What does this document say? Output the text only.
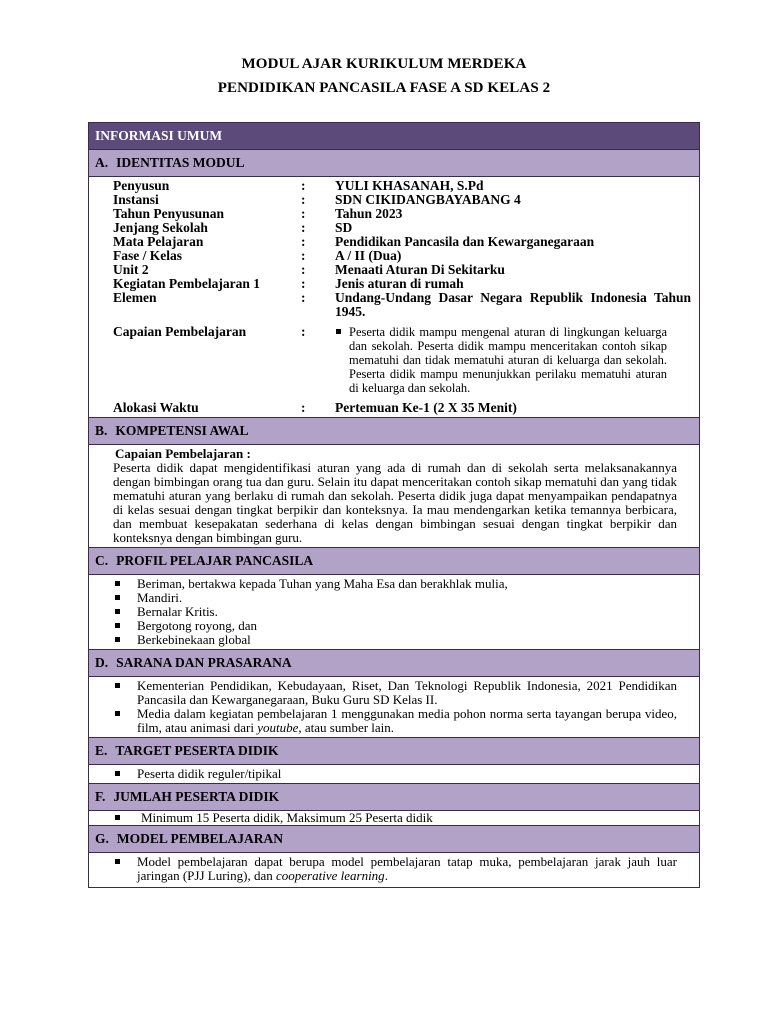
MODUL AJAR KURIKULUM MERDEKA
PENDIDIKAN PANCASILA FASE A SD KELAS 2
INFORMASI UMUM
A. IDENTITAS MODUL
Penyusun	:	YULI KHASANAH, S.Pd
Instansi	:	SDN CIKIDANGBAYABANG 4
Tahun Penyusunan	:	Tahun 2023
Jenjang Sekolah	:	SD
Mata Pelajaran	:	Pendidikan Pancasila dan Kewarganegaraan
Fase / Kelas	:	A / II (Dua)
Unit 2	:	Menaati Aturan Di Sekitarku
Kegiatan Pembelajaran 1	:	Jenis aturan di rumah
Elemen	:	Undang-Undang Dasar Negara Republik Indonesia Tahun 1945.
Capaian Pembelajaran	:	Peserta didik mampu mengenal aturan di lingkungan keluarga dan sekolah. Peserta didik mampu menceritakan contoh sikap mematuhi dan tidak mematuhi aturan di keluarga dan sekolah. Peserta didik mampu menunjukkan perilaku mematuhi aturan di keluarga dan sekolah.
Alokasi Waktu	:	Pertemuan Ke-1 (2 X 35 Menit)
B. KOMPETENSI AWAL
Capaian Pembelajaran :
Peserta didik dapat mengidentifikasi aturan yang ada di rumah dan di sekolah serta melaksanakannya dengan bimbingan orang tua dan guru. Selain itu dapat menceritakan contoh sikap mematuhi dan yang tidak mematuhi aturan yang berlaku di rumah dan sekolah. Peserta didik juga dapat menyampaikan pendapatnya di kelas sesuai dengan tingkat berpikir dan konteksnya. Ia mau mendengarkan ketika temannya berbicara, dan membuat kesepakatan sederhana di kelas dengan bimbingan sesuai dengan tingkat berpikir dan konteksnya dengan bimbingan guru.
C. PROFIL PELAJAR PANCASILA
Beriman, bertakwa kepada Tuhan yang Maha Esa dan berakhlak mulia,
Mandiri.
Bernalar Kritis.
Bergotong royong, dan
Berkebinekaan global
D. SARANA DAN PRASARANA
Kementerian Pendidikan, Kebudayaan, Riset, Dan Teknologi Republik Indonesia, 2021 Pendidikan Pancasila dan Kewarganegaraan, Buku Guru SD Kelas II.
Media dalam kegiatan pembelajaran 1 menggunakan media pohon norma serta tayangan berupa video, film, atau animasi dari youtube, atau sumber lain.
E. TARGET PESERTA DIDIK
Peserta didik reguler/tipikal
F. JUMLAH PESERTA DIDIK
Minimum 15 Peserta didik, Maksimum 25 Peserta didik
G. MODEL PEMBELAJARAN
Model pembelajaran dapat berupa model pembelajaran tatap muka, pembelajaran jarak jauh luar jaringan (PJJ Luring), dan cooperative learning.
